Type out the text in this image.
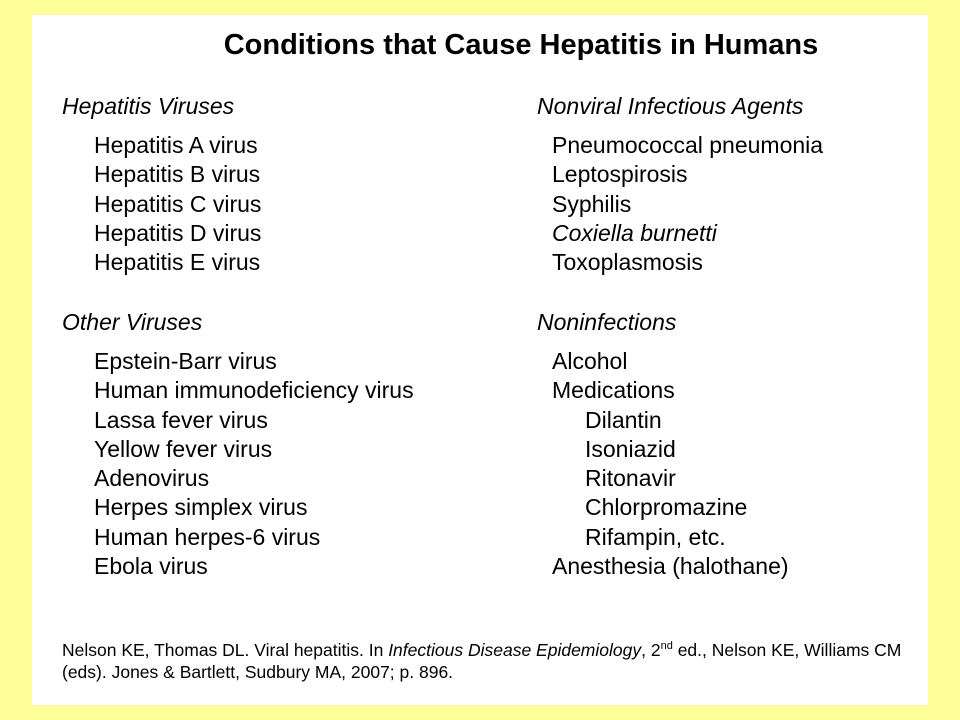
Conditions that Cause Hepatitis in Humans
Hepatitis Viruses
Hepatitis A virus
Hepatitis B virus
Hepatitis C virus
Hepatitis D virus
Hepatitis E virus
Nonviral Infectious Agents
Pneumococcal pneumonia
Leptospirosis
Syphilis
Coxiella burnetti
Toxoplasmosis
Other Viruses
Epstein-Barr virus
Human immunodeficiency virus
Lassa fever virus
Yellow fever virus
Adenovirus
Herpes simplex virus
Human herpes-6 virus
Ebola virus
Noninfections
Alcohol
Medications
Dilantin
Isoniazid
Ritonavir
Chlorpromazine
Rifampin, etc.
Anesthesia (halothane)
Nelson KE, Thomas DL. Viral hepatitis. In Infectious Disease Epidemiology, 2nd ed., Nelson KE, Williams CM (eds). Jones & Bartlett, Sudbury MA, 2007; p. 896.
